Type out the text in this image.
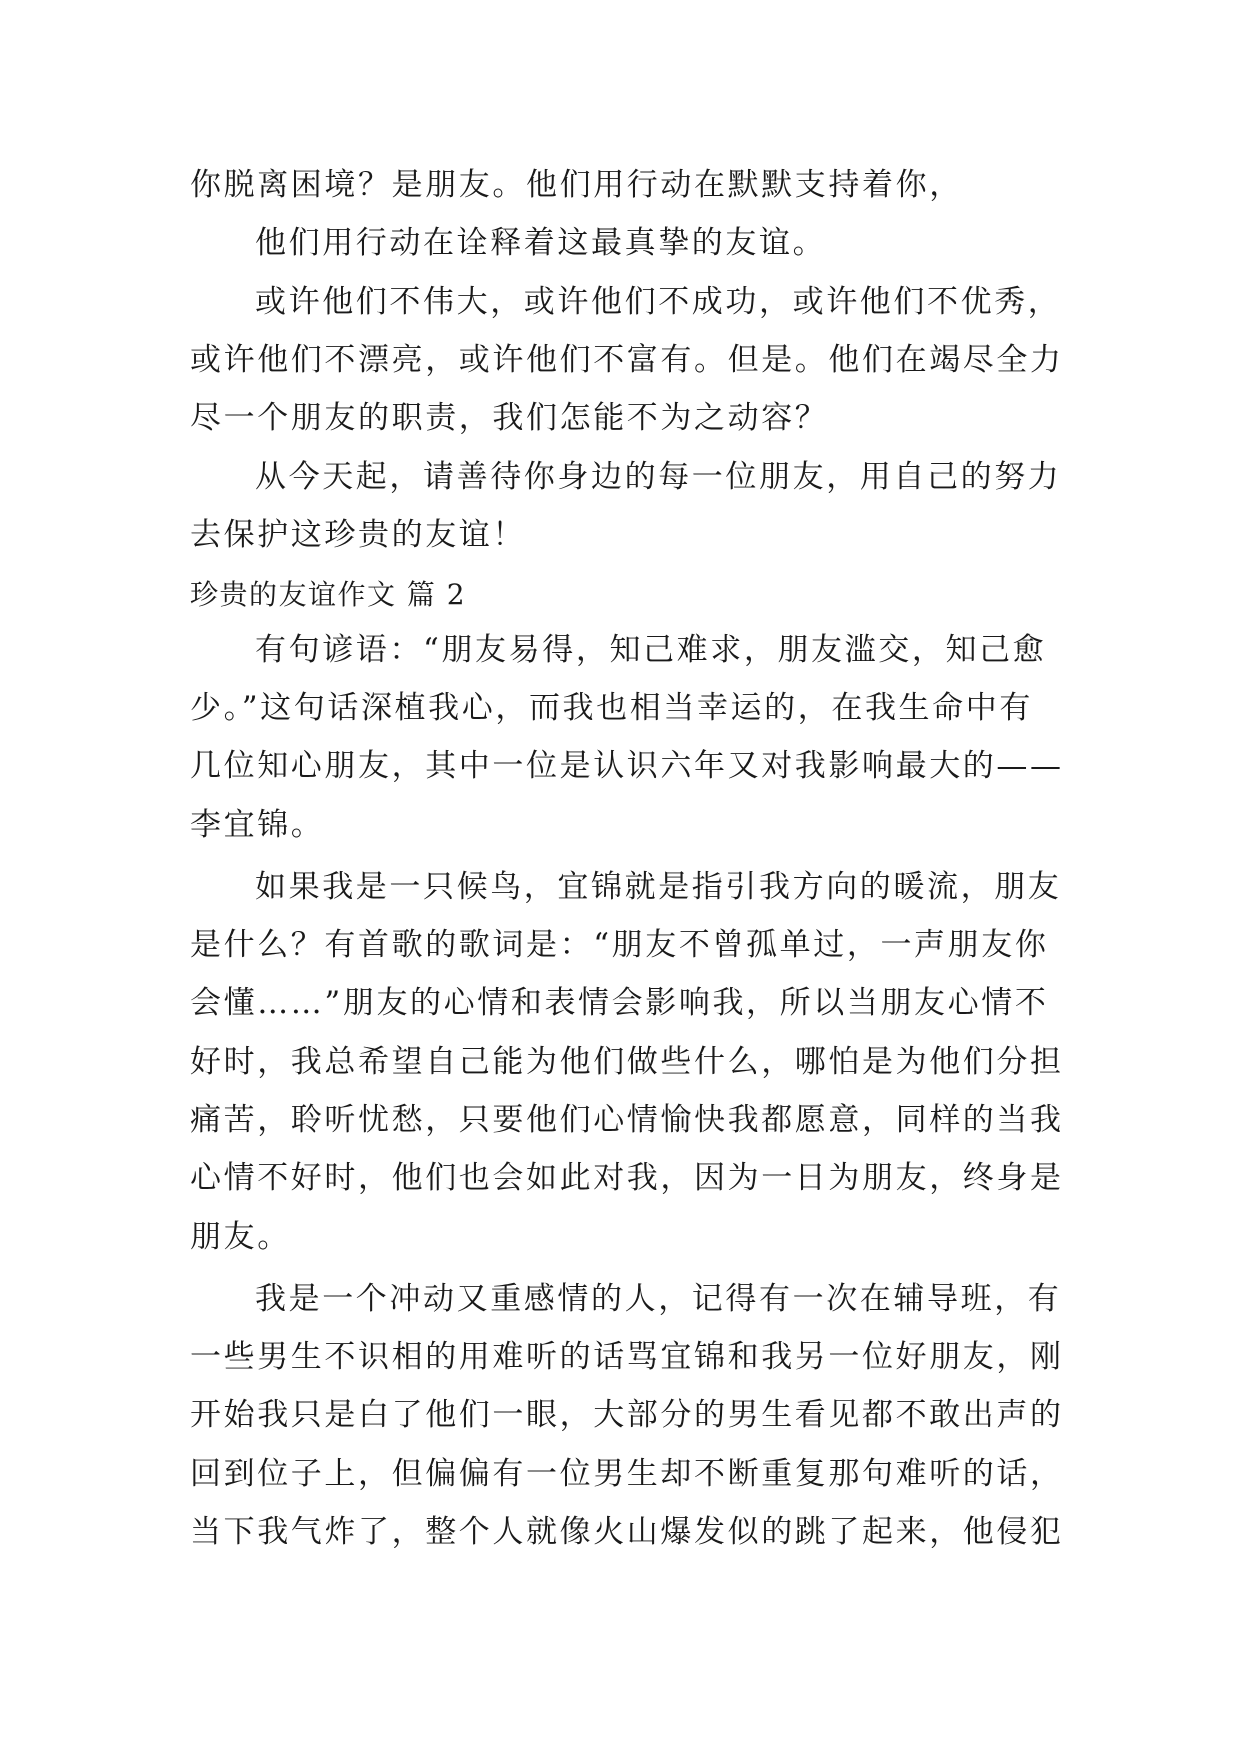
你脱离困境？是朋友。他们用行动在默默支持着你，
他们用行动在诠释着这最真挚的友谊。
或许他们不伟大，或许他们不成功，或许他们不优秀，
或许他们不漂亮，或许他们不富有。但是。他们在竭尽全力
尽一个朋友的职责，我们怎能不为之动容？
从今天起，请善待你身边的每一位朋友，用自己的努力
去保护这珍贵的友谊！
珍贵的友谊作文 篇 2
有句谚语：“朋友易得，知己难求，朋友滥交，知己愈
少。”这句话深植我心，而我也相当幸运的，在我生命中有
几位知心朋友，其中一位是认识六年又对我影响最大的——
李宜锦。
如果我是一只候鸟，宜锦就是指引我方向的暖流，朋友
是什么？有首歌的歌词是：“朋友不曾孤单过，一声朋友你
会懂……”朋友的心情和表情会影响我，所以当朋友心情不
好时，我总希望自己能为他们做些什么，哪怕是为他们分担
痛苦，聆听忧愁，只要他们心情愉快我都愿意，同样的当我
心情不好时，他们也会如此对我，因为一日为朋友，终身是
朋友。
我是一个冲动又重感情的人，记得有一次在辅导班，有
一些男生不识相的用难听的话骂宜锦和我另一位好朋友，刚
开始我只是白了他们一眼，大部分的男生看见都不敢出声的
回到位子上，但偏偏有一位男生却不断重复那句难听的话，
当下我气炸了，整个人就像火山爆发似的跳了起来，他侵犯
